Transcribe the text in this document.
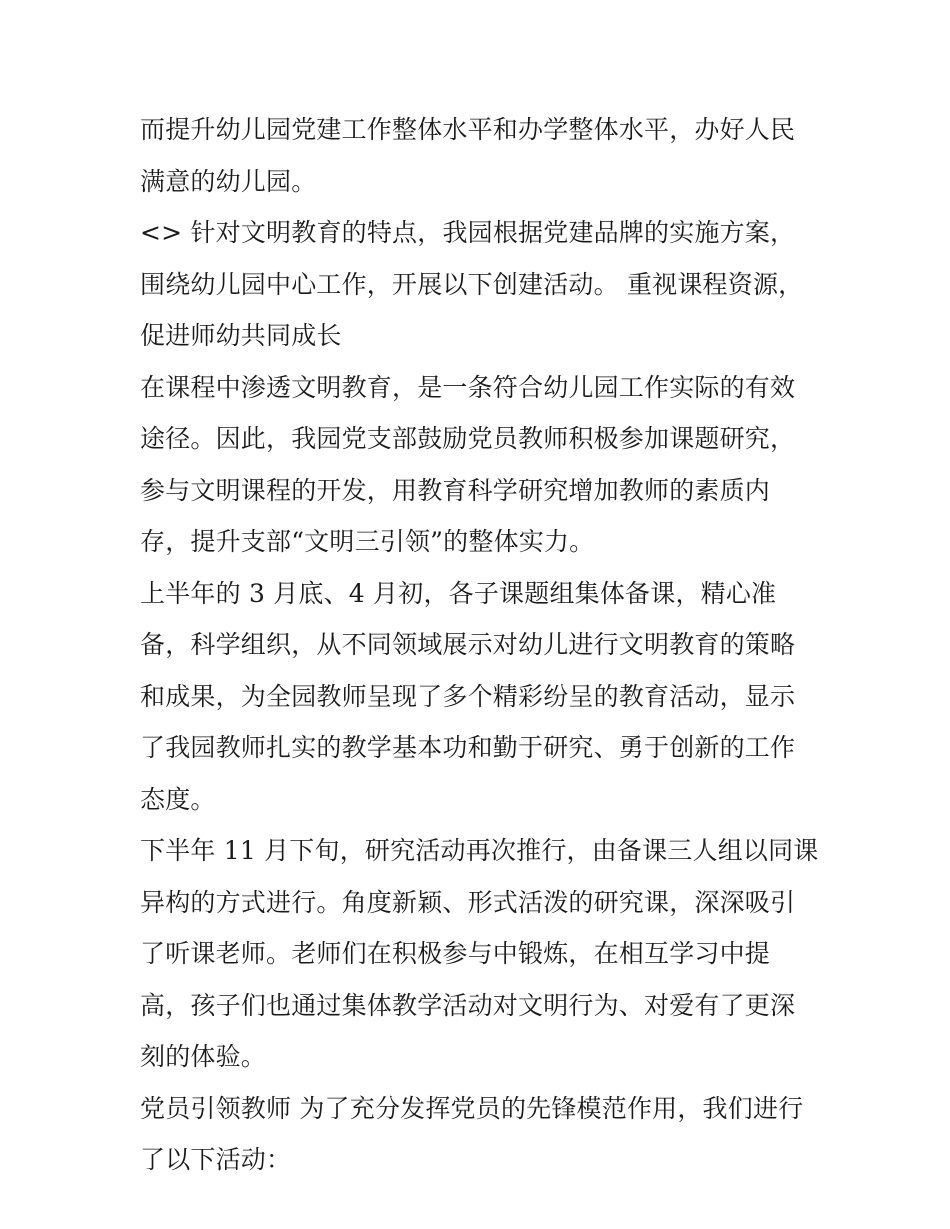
而提升幼儿园党建工作整体水平和办学整体水平，办好人民满意的幼儿园。

<> 针对文明教育的特点，我园根据党建品牌的实施方案，围绕幼儿园中心工作，开展以下创建活动。 重视课程资源，促进师幼共同成长

在课程中渗透文明教育，是一条符合幼儿园工作实际的有效途径。因此，我园党支部鼓励党员教师积极参加课题研究，参与文明课程的开发，用教育科学研究增加教师的素质内存，提升支部“文明三引领”的整体实力。

上半年的 3 月底、4 月初，各子课题组集体备课，精心准备，科学组织，从不同领域展示对幼儿进行文明教育的策略和成果，为全园教师呈现了多个精彩纷呈的教育活动，显示了我园教师扎实的教学基本功和勤于研究、勇于创新的工作态度。

下半年 11 月下旬，研究活动再次推行，由备课三人组以同课异构的方式进行。角度新颖、形式活泼的研究课，深深吸引了听课老师。老师们在积极参与中锻炼，在相互学习中提高，孩子们也通过集体教学活动对文明行为、对爱有了更深刻的体验。

党员引领教师 为了充分发挥党员的先锋模范作用，我们进行了以下活动：
